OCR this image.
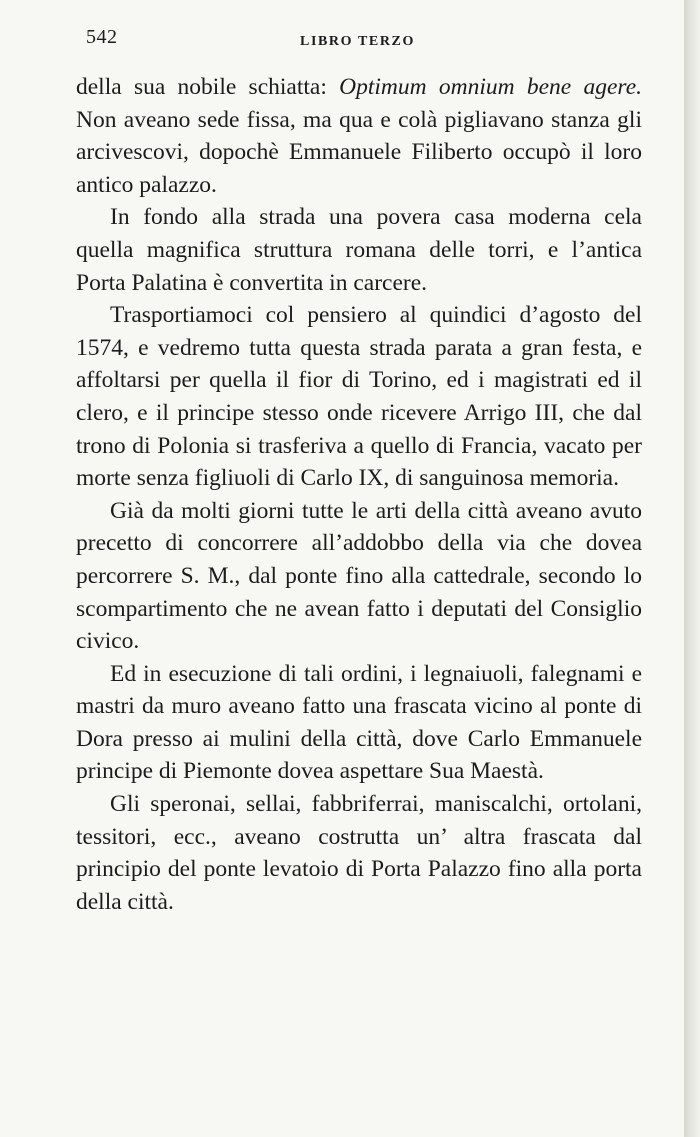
542	LIBRO TERZO

della sua nobile schiatta: Optimum omnium bene agere. Non aveano sede fissa, ma qua e colà pigliavano stanza gli arcivescovi, dopochè Emmanuele Filiberto occupò il loro antico palazzo.

In fondo alla strada una povera casa moderna cela quella magnifica struttura romana delle torri, e l’antica Porta Palatina è convertita in carcere.

Trasportiamoci col pensiero al quindici d’agosto del 1574, e vedremo tutta questa strada parata a gran festa, e affoltarsi per quella il fior di Torino, ed i magistrati ed il clero, e il principe stesso onde ricevere Arrigo III, che dal trono di Polonia si trasferiva a quello di Francia, vacato per morte senza figliuoli di Carlo IX, di sanguinosa memoria.

Già da molti giorni tutte le arti della città aveano avuto precetto di concorrere all’addobbo della via che dovea percorrere S. M., dal ponte fino alla cattedrale, secondo lo scompartimento che ne avean fatto i deputati del Consiglio civico.

Ed in esecuzione di tali ordini, i legnaiuoli, falegnami e mastri da muro aveano fatto una frascata vicino al ponte di Dora presso ai mulini della città, dove Carlo Emmanuele principe di Piemonte dovea aspettare Sua Maestà.

Gli speronai, sellai, fabbriferrai, maniscalchi, ortolani, tessitori, ecc., aveano costrutta un’ altra frascata dal principio del ponte levatoio di Porta Palazzo fino alla porta della città.
